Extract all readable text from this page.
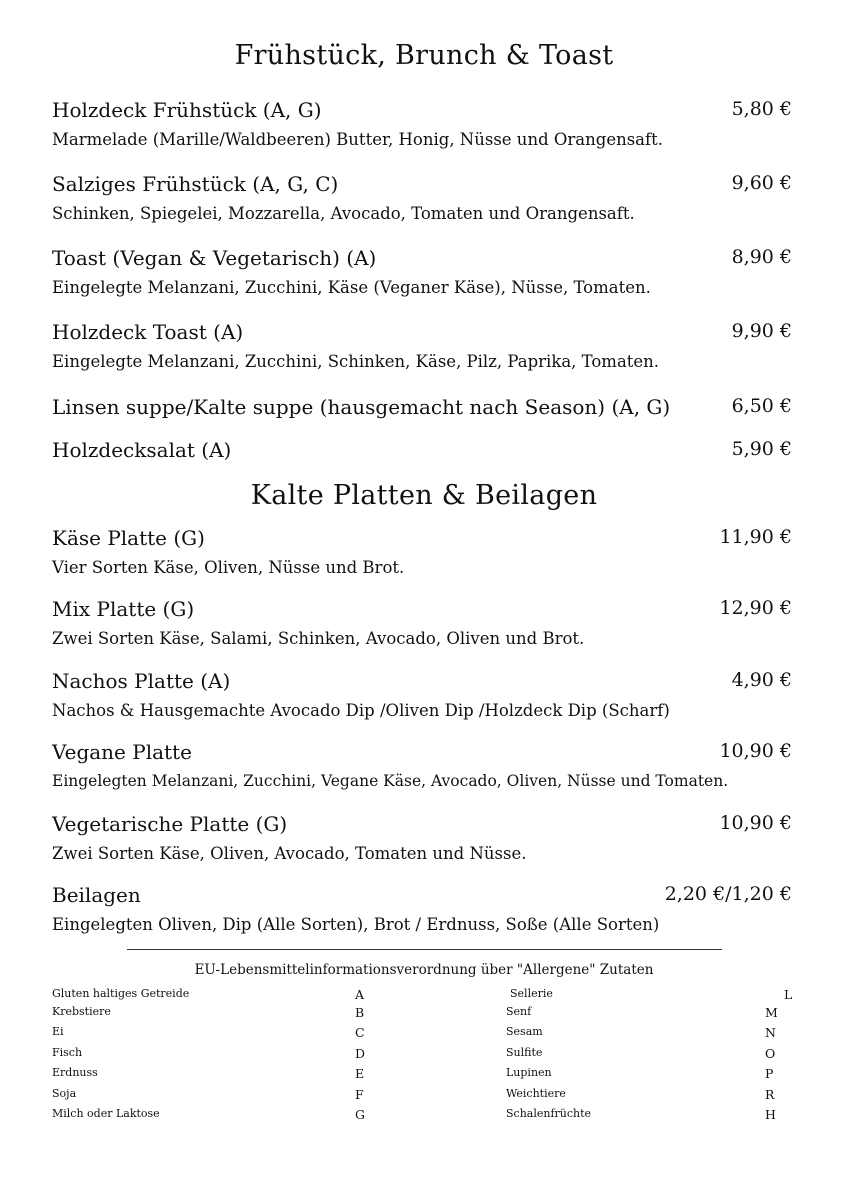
Frühstück, Brunch & Toast
Holzdeck Frühstück (A, G)	5,80 €
Marmelade (Marille/Waldbeeren) Butter, Honig, Nüsse und Orangensaft.
Salziges Frühstück (A, G, C)	9,60 €
Schinken, Spiegelei, Mozzarella, Avocado, Tomaten und Orangensaft.
Toast (Vegan & Vegetarisch) (A)	8,90 €
Eingelegte Melanzani, Zucchini, Käse (Veganer Käse), Nüsse, Tomaten.
Holzdeck Toast (A)	9,90 €
Eingelegte Melanzani, Zucchini, Schinken, Käse, Pilz, Paprika, Tomaten.
Linsen suppe/Kalte suppe (hausgemacht nach Season) (A, G)	6,50 €
Holzdecksalat (A)	5,90 €
Kalte Platten & Beilagen
Käse Platte (G)	11,90 €
Vier Sorten Käse, Oliven, Nüsse und Brot.
Mix Platte (G)	12,90 €
Zwei Sorten Käse, Salami, Schinken, Avocado, Oliven und Brot.
Nachos Platte (A)	4,90 €
Nachos & Hausgemachte Avocado Dip /Oliven Dip /Holzdeck Dip (Scharf)
Vegane Platte	10,90 €
Eingelegten Melanzani, Zucchini, Vegane Käse, Avocado, Oliven, Nüsse und Tomaten.
Vegetarische Platte (G)	10,90 €
Zwei Sorten Käse, Oliven, Avocado, Tomaten und Nüsse.
Beilagen	2,20 €/1,20 €
Eingelegten Oliven, Dip (Alle Sorten), Brot / Erdnuss, Soße (Alle Sorten)
EU-Lebensmittelinformationsverordnung über "Allergene" Zutaten
Gluten haltiges Getreide	A
Krebstiere	B
Ei	C
Fisch	D
Erdnuss	E
Soja	F
Milch oder Laktose	G
Sellerie	L
Senf	M
Sesam	N
Sulfite	O
Lupinen	P
Weichtiere	R
Schalenfrüchte	H
